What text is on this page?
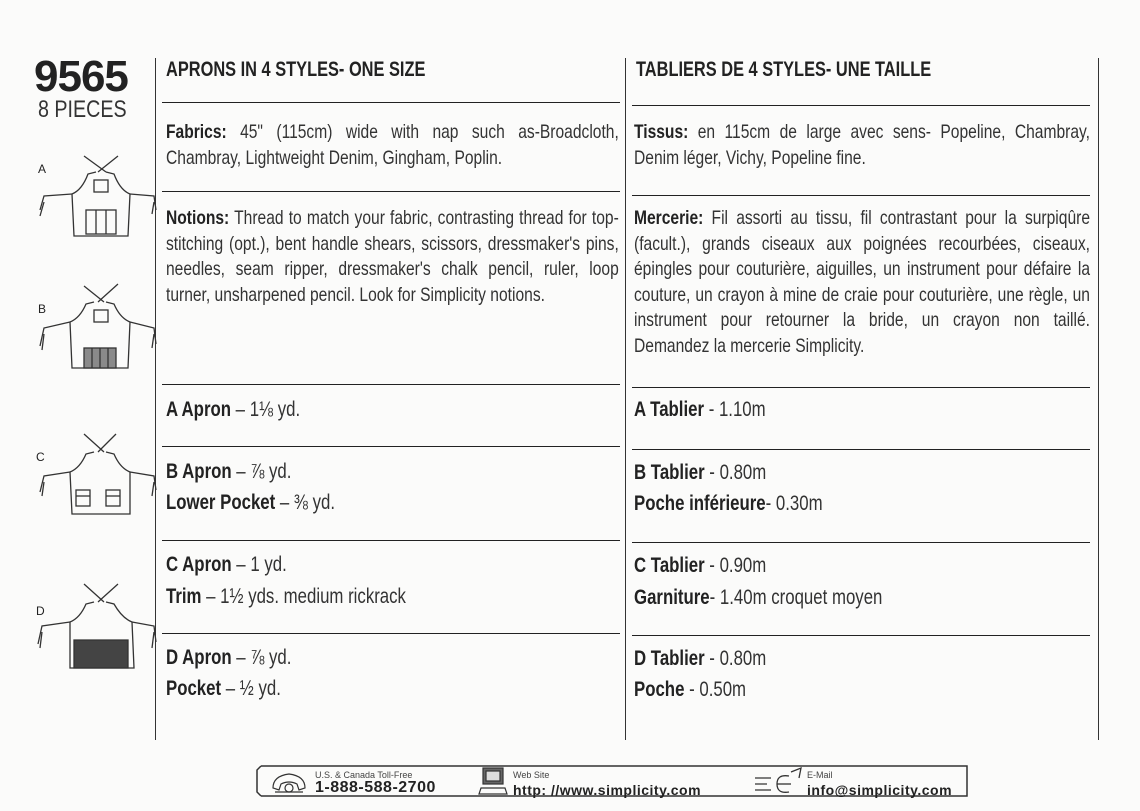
9565
8 PIECES
A
B
C
D
APRONS IN 4 STYLES- ONE SIZE
Fabrics: 45" (115cm) wide with nap such as-Broadcloth, Chambray, Lightweight Denim, Gingham, Poplin.
Notions: Thread to match your fabric, contrasting thread for top-stitching (opt.), bent handle shears, scissors, dressmaker's pins, needles, seam ripper, dressmaker's chalk pencil, ruler, loop turner, unsharpened pencil. Look for Simplicity notions.
A Apron – 1⅛ yd.
B Apron – ⅞ yd.
Lower Pocket – ⅜ yd.
C Apron – 1 yd.
Trim – 1½ yds. medium rickrack
D Apron – ⅞ yd.
Pocket – ½ yd.
TABLIERS DE 4 STYLES- UNE TAILLE
Tissus: en 115cm de large avec sens- Popeline, Chambray, Denim léger, Vichy, Popeline fine.
Mercerie: Fil assorti au tissu, fil contrastant pour la surpiqûre (facult.), grands ciseaux aux poignées recourbées, ciseaux, épingles pour couturière, aiguilles, un instrument pour défaire la couture, un crayon à mine de craie pour couturière, une règle, un instrument pour retourner la bride, un crayon non taillé. Demandez la mercerie Simplicity.
A Tablier - 1.10m
B Tablier - 0.80m
Poche inférieure- 0.30m
C Tablier - 0.90m
Garniture- 1.40m croquet moyen
D Tablier - 0.80m
Poche - 0.50m
U.S. & Canada Toll-Free
1-888-588-2700
Web Site
http: //www.simplicity.com
E-Mail
info@simplicity.com
